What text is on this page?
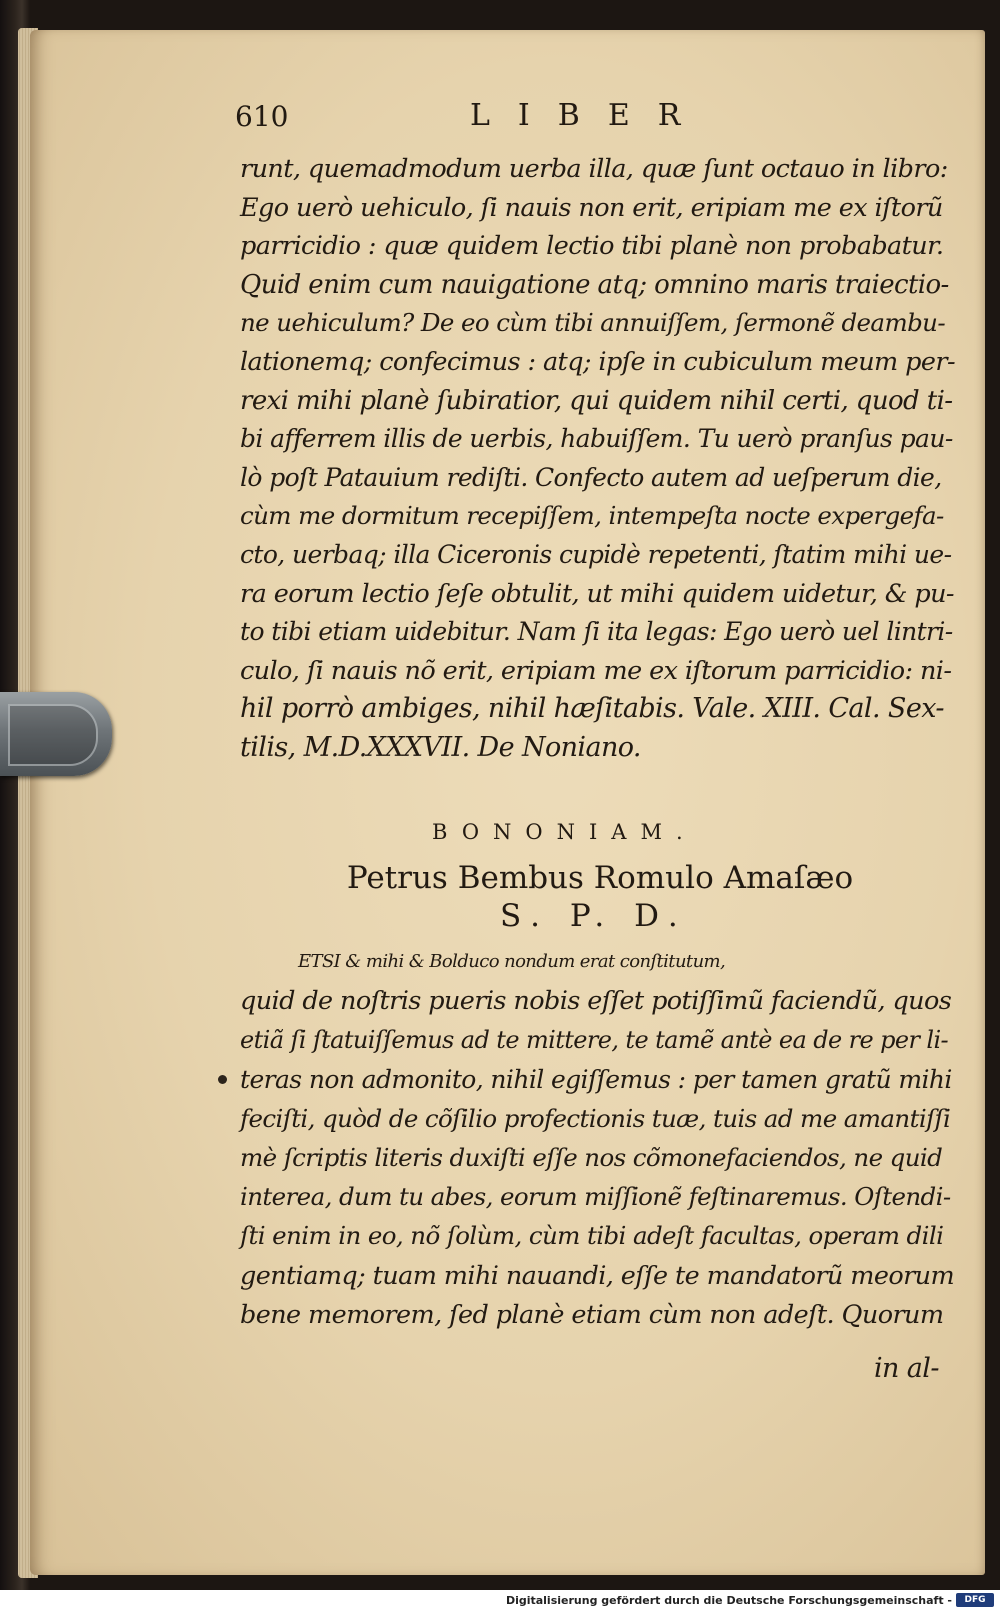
610	LIBER
runt, quemadmodum uerba illa, quæ ſunt octauo in libro:
Ego uerò uehiculo, ſi nauis non erit, eripiam me ex iſtorũ
parricidio : quæ quidem lectio tibi planè non probabatur.
Quid enim cum nauigatione atq; omnino maris traiectio-
ne uehiculum? De eo cùm tibi annuiſſem, ſermonẽ deambu-
lationemq; confecimus : atq; ipſe in cubiculum meum per-
rexi mihi planè ſubiratior, qui quidem nihil certi, quod ti-
bi afferrem illis de uerbis, habuiſſem. Tu uerò pranſus pau-
lò poſt Patauium rediſti. Confecto autem ad ueſperum die,
cùm me dormitum recepiſſem, intempeſta nocte expergefa-
cto, uerbaq; illa Ciceronis cupidè repetenti, ſtatim mihi ue-
ra eorum lectio ſeſe obtulit, ut mihi quidem uidetur, & pu-
to tibi etiam uidebitur. Nam ſi ita legas: Ego uerò uel lintri-
culo, ſi nauis nõ erit, eripiam me ex iſtorum parricidio: ni-
hil porrò ambiges, nihil hæſitabis. Vale. XIII. Cal. Sex-
tilis, M.D.XXXVII. De Noniano.
BONONIAM.
Petrus Bembus Romulo Amaſæo
S. P. D.
ETSI & mihi & Bolduco nondum erat conſtitutum,
quid de noſtris pueris nobis eſſet potiſſimũ faciendũ, quos
etiã ſi ſtatuiſſemus ad te mittere, te tamẽ antè ea de re per li-
teras non admonito, nihil egiſſemus : per tamen gratũ mihi
feciſti, quòd de cõſilio profectionis tuæ, tuis ad me amantiſſi
mè ſcriptis literis duxiſti eſſe nos cõmonefaciendos, ne quid
interea, dum tu abes, eorum miſſionẽ feſtinaremus. Oſtendi-
ſti enim in eo, nõ ſolùm, cùm tibi adeſt facultas, operam dili
gentiamq; tuam mihi nauandi, eſſe te mandatorũ meorum
bene memorem, ſed planè etiam cùm non adeſt. Quorum
in al-
Digitalisierung gefördert durch die Deutsche Forschungsgemeinschaft -	DFG
